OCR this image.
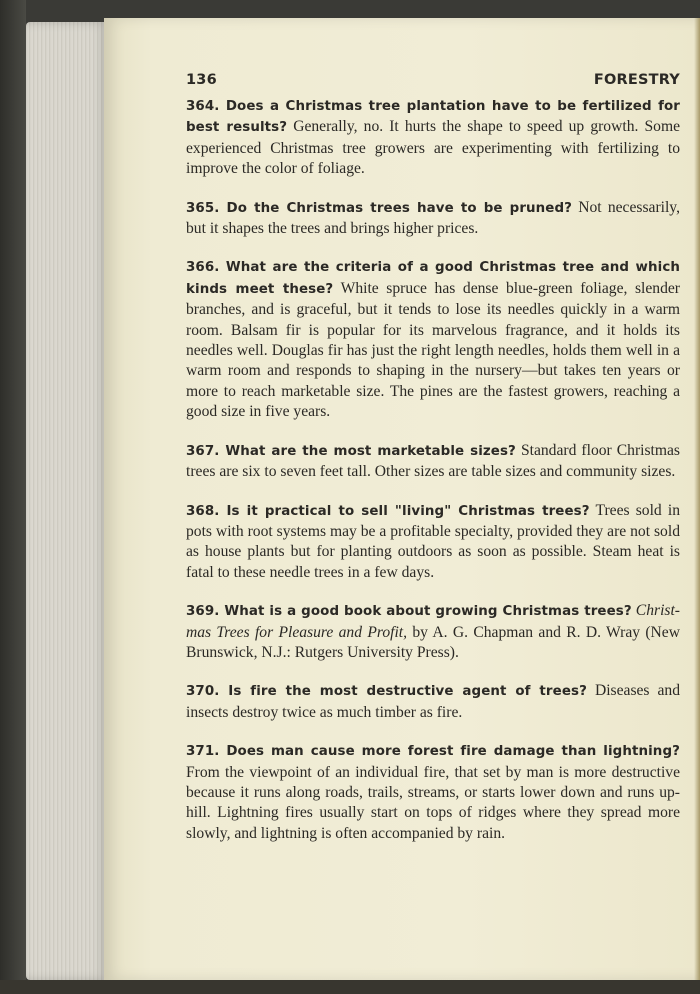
136	FORESTRY

364. Does a Christmas tree plantation have to be fertilized for best results? Generally, no. It hurts the shape to speed up growth. Some experienced Christmas tree growers are experimenting with fertilizing to improve the color of foliage.

365. Do the Christmas trees have to be pruned? Not necessarily, but it shapes the trees and brings higher prices.

366. What are the criteria of a good Christmas tree and which kinds meet these? White spruce has dense blue-green foliage, slender branches, and is graceful, but it tends to lose its needles quickly in a warm room. Balsam fir is popular for its marvelous fragrance, and it holds its needles well. Douglas fir has just the right length needles, holds them well in a warm room and responds to shaping in the nursery—but takes ten years or more to reach marketable size. The pines are the fastest growers, reaching a good size in five years.

367. What are the most marketable sizes? Standard floor Christmas trees are six to seven feet tall. Other sizes are table sizes and community sizes.

368. Is it practical to sell "living" Christmas trees? Trees sold in pots with root systems may be a profitable specialty, provided they are not sold as house plants but for planting outdoors as soon as possible. Steam heat is fatal to these needle trees in a few days.

369. What is a good book about growing Christmas trees? Christmas Trees for Pleasure and Profit, by A. G. Chapman and R. D. Wray (New Brunswick, N.J.: Rutgers University Press).

370. Is fire the most destructive agent of trees? Diseases and insects destroy twice as much timber as fire.

371. Does man cause more forest fire damage than lightning? From the viewpoint of an individual fire, that set by man is more destructive because it runs along roads, trails, streams, or starts lower down and runs up-hill. Lightning fires usually start on tops of ridges where they spread more slowly, and lightning is often accompanied by rain.
